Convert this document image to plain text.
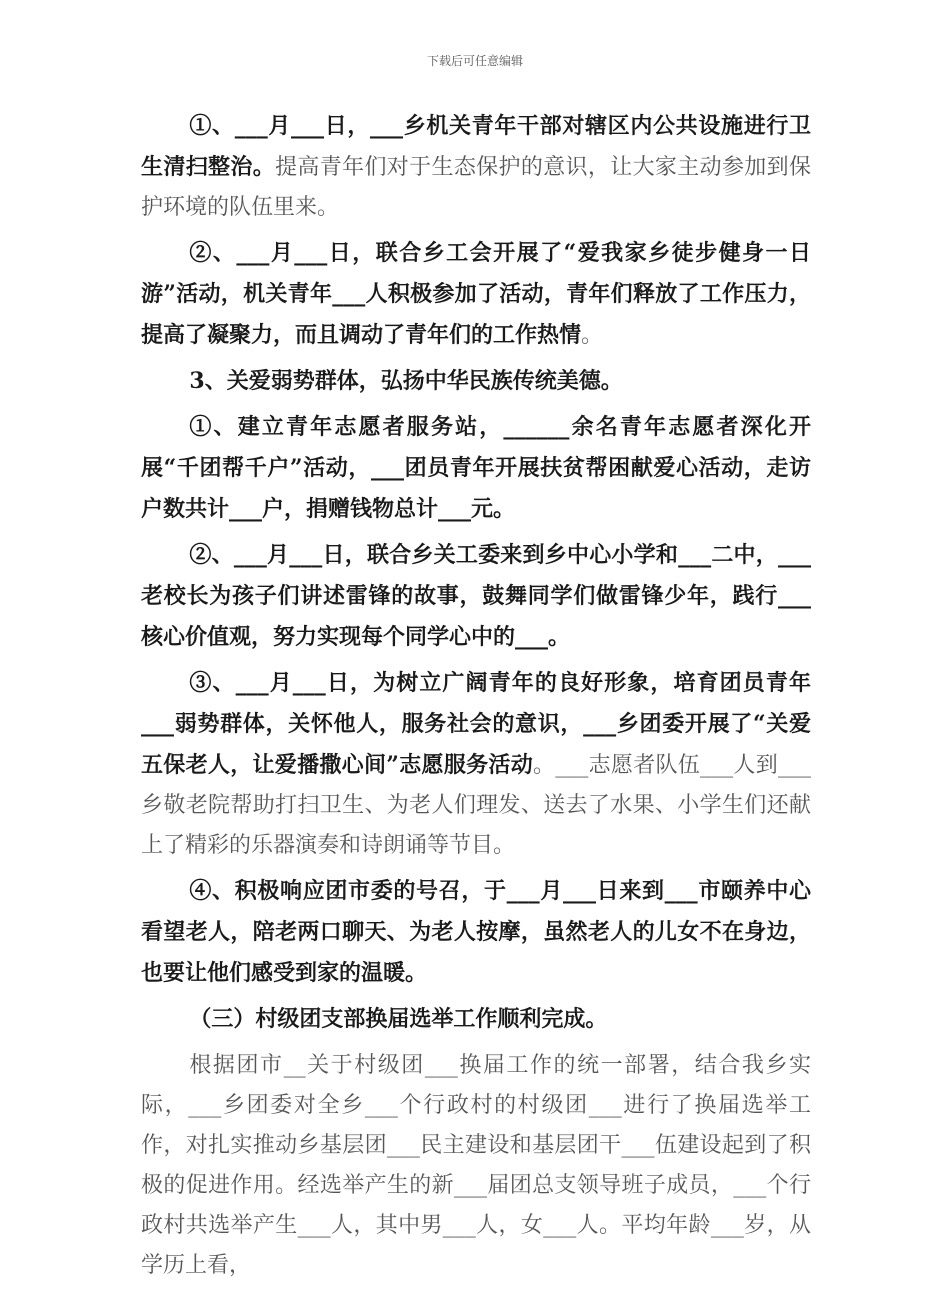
下载后可任意编辑

①、___月___日，___乡机关青年干部对辖区内公共设施进行卫生清扫整治。提高青年们对于生态保护的意识，让大家主动参加到保护环境的队伍里来。

②、___月___日，联合乡工会开展了“爱我家乡徒步健身一日游”活动，机关青年___人积极参加了活动，青年们释放了工作压力，提高了凝聚力，而且调动了青年们的工作热情。

3、关爱弱势群体，弘扬中华民族传统美德。

①、建立青年志愿者服务站，______余名青年志愿者深化开展“千团帮千户”活动，___团员青年开展扶贫帮困献爱心活动，走访户数共计___户，捐赠钱物总计___元。

②、___月___日，联合乡关工委来到乡中心小学和___二中，___老校长为孩子们讲述雷锋的故事，鼓舞同学们做雷锋少年，践行___核心价值观，努力实现每个同学心中的___。

③、___月___日，为树立广阔青年的良好形象，培育团员青年___弱势群体，关怀他人，服务社会的意识，___乡团委开展了“关爱五保老人，让爱播撒心间”志愿服务活动。___志愿者队伍___人到___乡敬老院帮助打扫卫生、为老人们理发、送去了水果、小学生们还献上了精彩的乐器演奏和诗朗诵等节目。

④、积极响应团市委的号召，于___月___日来到___市颐养中心看望老人，陪老两口聊天、为老人按摩，虽然老人的儿女不在身边，也要让他们感受到家的温暖。

（三）村级团支部换届选举工作顺利完成。

根据团市__关于村级团___换届工作的统一部署，结合我乡实际，___乡团委对全乡___个行政村的村级团___进行了换届选举工作，对扎实推动乡基层团___民主建设和基层团干___伍建设起到了积极的促进作用。经选举产生的新___届团总支领导班子成员，___个行政村共选举产生___人，其中男___人，女___人。平均年龄___岁，从学历上看，
